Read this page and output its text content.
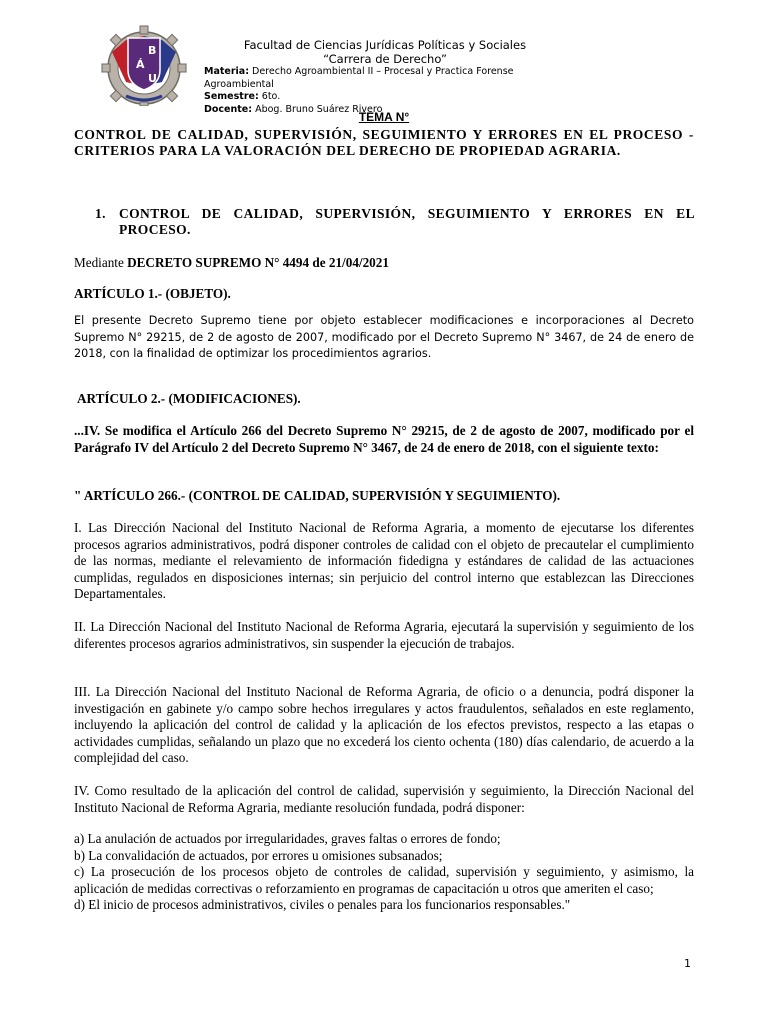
B
Á
U
Facultad de Ciencias Jurídicas Políticas y Sociales
“Carrera de Derecho”
Materia: Derecho Agroambiental II – Procesal y Practica Forense Agroambiental
Semestre: 6to.
Docente: Abog. Bruno Suárez Rivero
TEMA N°
CONTROL DE CALIDAD, SUPERVISIÓN, SEGUIMIENTO Y ERRORES EN EL PROCESO - CRITERIOS PARA LA VALORACIÓN DEL DERECHO DE PROPIEDAD AGRARIA.
1. CONTROL DE CALIDAD, SUPERVISIÓN, SEGUIMIENTO Y ERRORES EN EL PROCESO.
Mediante DECRETO SUPREMO N° 4494 de 21/04/2021
ARTÍCULO 1.- (OBJETO).
El presente Decreto Supremo tiene por objeto establecer modificaciones e incorporaciones al Decreto Supremo N° 29215, de 2 de agosto de 2007, modificado por el Decreto Supremo N° 3467, de 24 de enero de 2018, con la finalidad de optimizar los procedimientos agrarios.
ARTÍCULO 2.- (MODIFICACIONES).
...IV. Se modifica el Artículo 266 del Decreto Supremo N° 29215, de 2 de agosto de 2007, modificado por el Parágrafo IV del Artículo 2 del Decreto Supremo N° 3467, de 24 de enero de 2018, con el siguiente texto:
" ARTÍCULO 266.- (CONTROL DE CALIDAD, SUPERVISIÓN Y SEGUIMIENTO).
I. Las Dirección Nacional del Instituto Nacional de Reforma Agraria, a momento de ejecutarse los diferentes procesos agrarios administrativos, podrá disponer controles de calidad con el objeto de precautelar el cumplimiento de las normas, mediante el relevamiento de información fidedigna y estándares de calidad de las actuaciones cumplidas, regulados en disposiciones internas; sin perjuicio del control interno que establezcan las Direcciones Departamentales.
II. La Dirección Nacional del Instituto Nacional de Reforma Agraria, ejecutará la supervisión y seguimiento de los diferentes procesos agrarios administrativos, sin suspender la ejecución de trabajos.
III. La Dirección Nacional del Instituto Nacional de Reforma Agraria, de oficio o a denuncia, podrá disponer la investigación en gabinete y/o campo sobre hechos irregulares y actos fraudulentos, señalados en este reglamento, incluyendo la aplicación del control de calidad y la aplicación de los efectos previstos, respecto a las etapas o actividades cumplidas, señalando un plazo que no excederá los ciento ochenta (180) días calendario, de acuerdo a la complejidad del caso.
IV. Como resultado de la aplicación del control de calidad, supervisión y seguimiento, la Dirección Nacional del Instituto Nacional de Reforma Agraria, mediante resolución fundada, podrá disponer:

a) La anulación de actuados por irregularidades, graves faltas o errores de fondo;

b) La convalidación de actuados, por errores u omisiones subsanados;

c) La prosecución de los procesos objeto de controles de calidad, supervisión y seguimiento, y asimismo, la aplicación de medidas correctivas o reforzamiento en programas de capacitación u otros que ameriten el caso;

d) El inicio de procesos administrativos, civiles o penales para los funcionarios responsables."

1
